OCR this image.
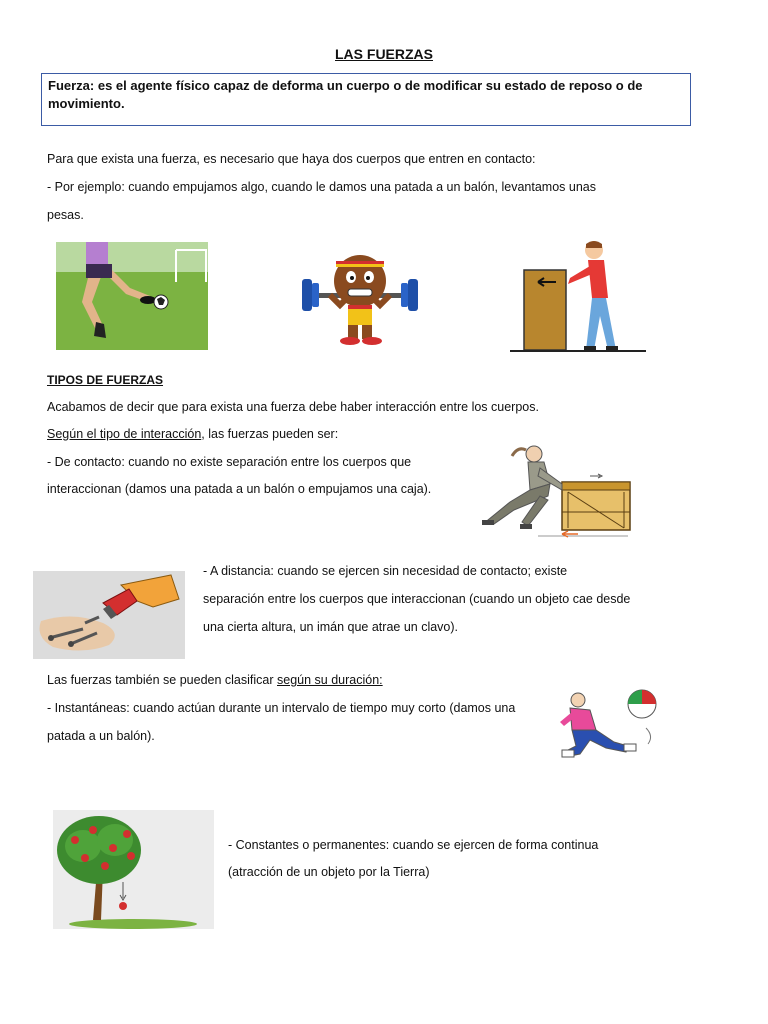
LAS FUERZAS
Fuerza: es el agente físico capaz de deforma un cuerpo o de modificar su estado de reposo o de movimiento.
Para que exista una fuerza, es necesario que haya dos cuerpos que entren en contacto:
- Por ejemplo: cuando empujamos algo, cuando le damos una patada a un balón, levantamos unas
pesas.
TIPOS DE FUERZAS
Acabamos de decir que para exista una fuerza debe haber interacción entre los cuerpos.
Según el tipo de interacción, las fuerzas pueden ser:
- De contacto: cuando no existe separación entre los cuerpos que
interaccionan (damos una patada a un balón o empujamos una caja).
- A distancia: cuando se ejercen sin necesidad de contacto; existe
separación entre los cuerpos que interaccionan (cuando un objeto cae desde
una cierta altura, un imán que atrae un clavo).
Las fuerzas también se pueden clasificar según su duración:
- Instantáneas: cuando actúan durante un intervalo de tiempo muy corto (damos una
patada a un balón).
- Constantes o permanentes: cuando se ejercen de forma continua
(atracción de un objeto por la Tierra)
